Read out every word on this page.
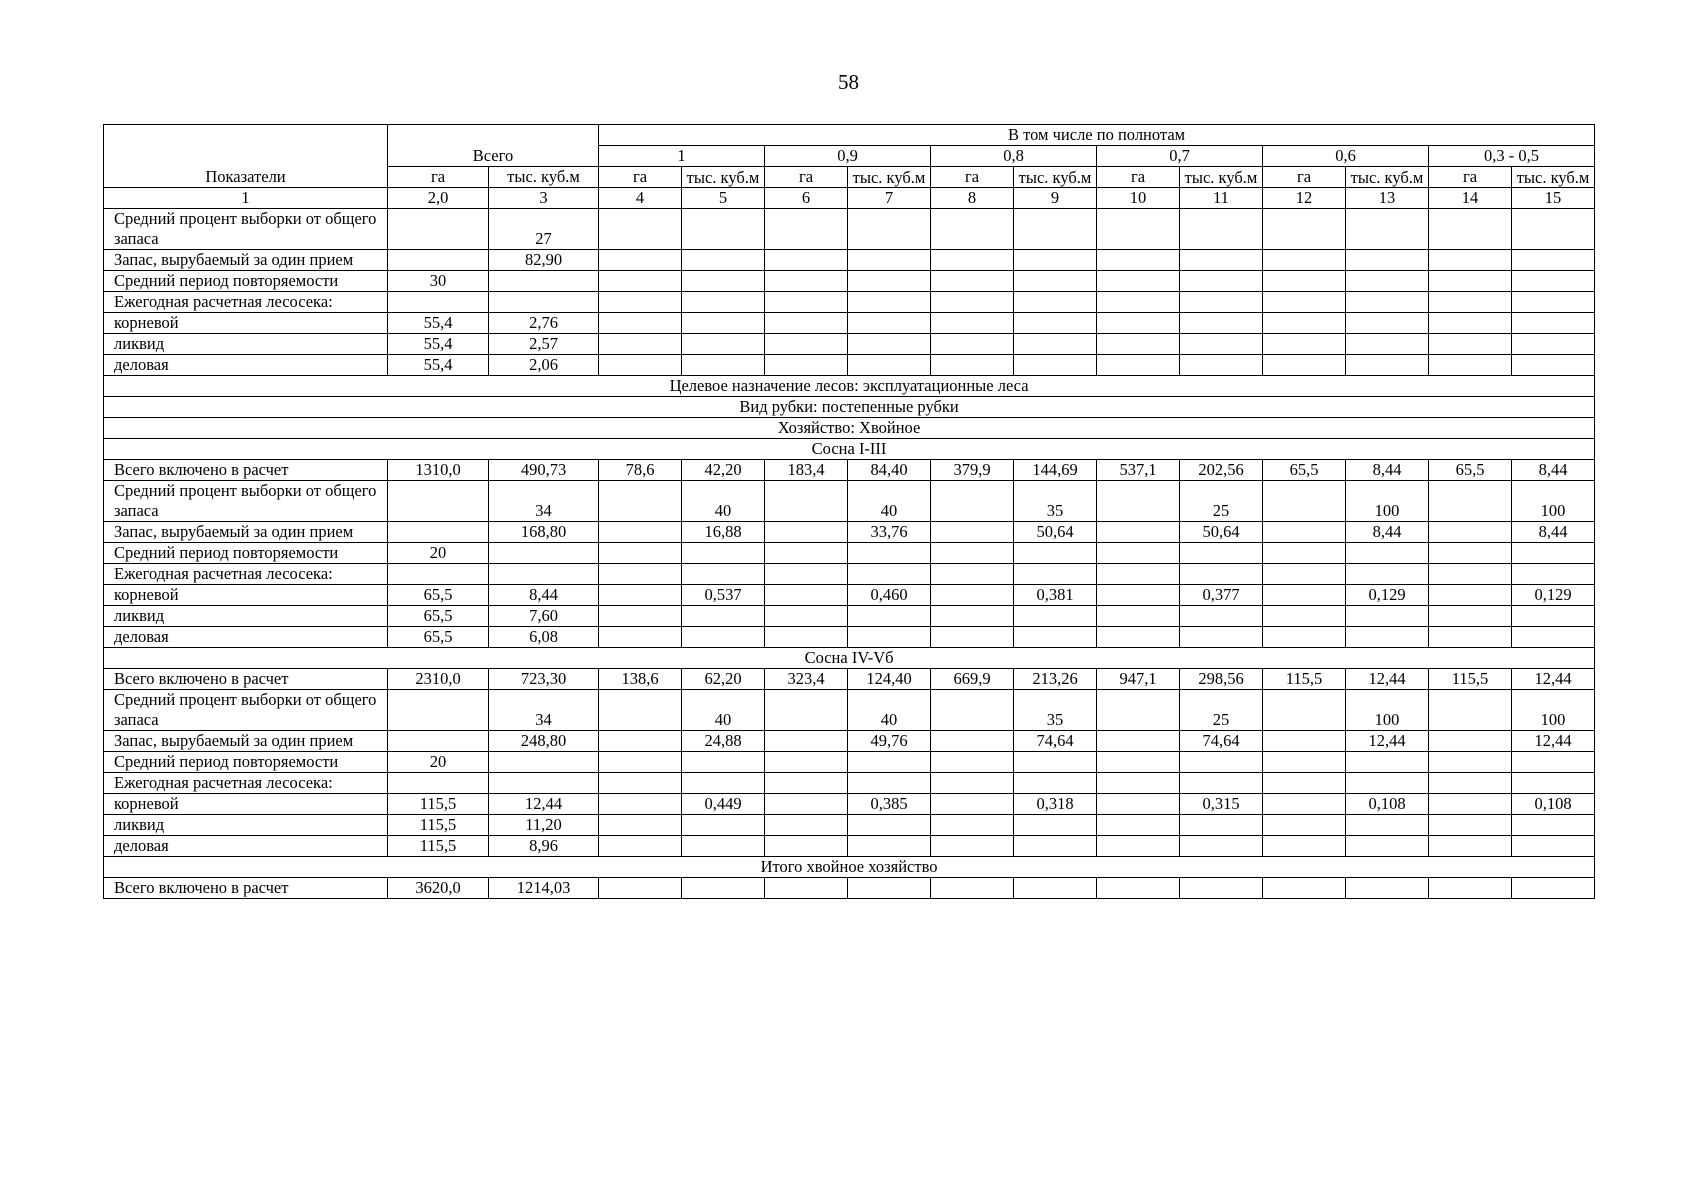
58
Показатели	Всего		В том числе по полнотам											
			1		0,9		0,8		0,7		0,6		0,3 - 0,5	
	га	тыс. куб.м	га	тыс. куб.м	га	тыс. куб.м	га	тыс. куб.м	га	тыс. куб.м	га	тыс. куб.м	га	тыс. куб.м
1	2,0	3	4	5	6	7	8	9	10	11	12	13	14	15
Средний процент выборки от общего запаса		27												
Запас, вырубаемый за один прием		82,90												
Средний период повторяемости	30													
Ежегодная расчетная лесосека:														
корневой	55,4	2,76												
ликвид	55,4	2,57												
деловая	55,4	2,06												
Целевое назначение лесов: эксплуатационные леса														
Вид рубки: постепенные рубки														
Хозяйство: Хвойное														
Сосна I-III														
Всего включено в расчет	1310,0	490,73	78,6	42,20	183,4	84,40	379,9	144,69	537,1	202,56	65,5	8,44	65,5	8,44
Средний процент выборки от общего запаса		34		40		40		35		25		100		100
Запас, вырубаемый за один прием		168,80		16,88		33,76		50,64		50,64		8,44		8,44
Средний период повторяемости	20													
Ежегодная расчетная лесосека:														
корневой	65,5	8,44		0,537		0,460		0,381		0,377		0,129		0,129
ликвид	65,5	7,60												
деловая	65,5	6,08												
Сосна IV-Vб														
Всего включено в расчет	2310,0	723,30	138,6	62,20	323,4	124,40	669,9	213,26	947,1	298,56	115,5	12,44	115,5	12,44
Средний процент выборки от общего запаса		34		40		40		35		25		100		100
Запас, вырубаемый за один прием		248,80		24,88		49,76		74,64		74,64		12,44		12,44
Средний период повторяемости	20													
Ежегодная расчетная лесосека:														
корневой	115,5	12,44		0,449		0,385		0,318		0,315		0,108		0,108
ликвид	115,5	11,20												
деловая	115,5	8,96												
Итого хвойное хозяйство														
Всего включено в расчет	3620,0	1214,03												
